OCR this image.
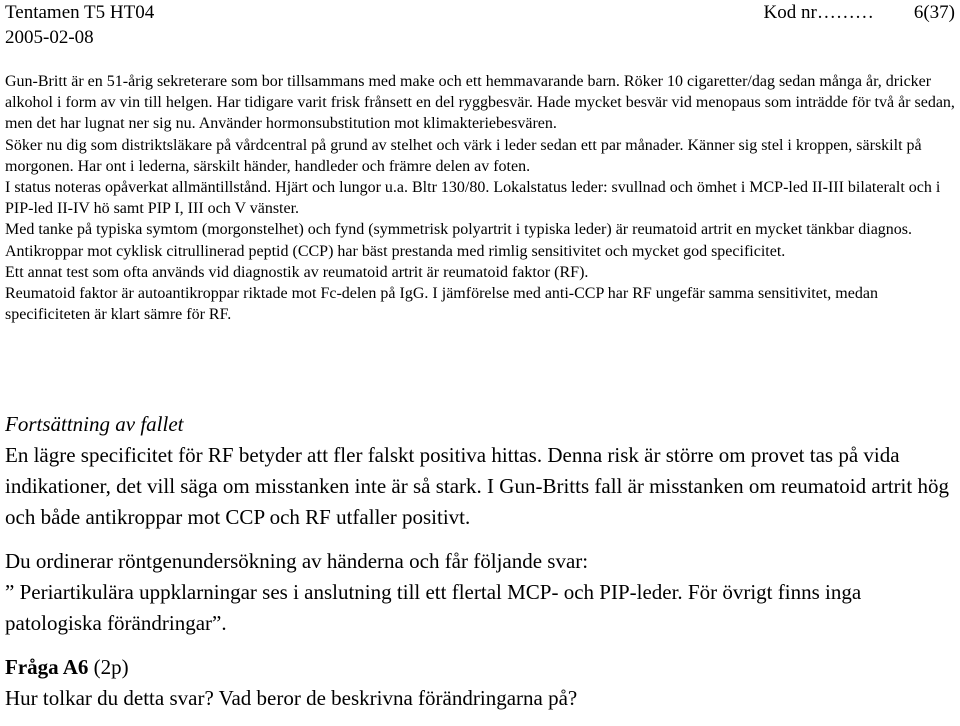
Tentamen T5 HT04	Kod nr……… 6(37)
2005-02-08

Gun-Britt är en 51-årig sekreterare som bor tillsammans med make och ett hemmavarande barn. Röker 10 cigaretter/dag sedan många år, dricker alkohol i form av vin till helgen. Har tidigare varit frisk frånsett en del ryggbesvär. Hade mycket besvär vid menopaus som inträdde för två år sedan, men det har lugnat ner sig nu. Använder hormonsubstitution mot klimakteriebesvären.

Söker nu dig som distriktsläkare på vårdcentral på grund av stelhet och värk i leder sedan ett par månader. Känner sig stel i kroppen, särskilt på morgonen. Har ont i lederna, särskilt händer, handleder och främre delen av foten.

I status noteras opåverkat allmäntillstånd. Hjärt och lungor u.a. Bltr 130/80. Lokalstatus leder: svullnad och ömhet i MCP-led II-III bilateralt och i PIP-led II-IV hö samt PIP I, III och V vänster.

Med tanke på typiska symtom (morgonstelhet) och fynd (symmetrisk polyartrit i typiska leder) är reumatoid artrit en mycket tänkbar diagnos.

Antikroppar mot cyklisk citrullinerad peptid (CCP) har bäst prestanda med rimlig sensitivitet och mycket god specificitet.

Ett annat test som ofta används vid diagnostik av reumatoid artrit är reumatoid faktor (RF).

Reumatoid faktor är autoantikroppar riktade mot Fc-delen på IgG. I jämförelse med anti-CCP har RF ungefär samma sensitivitet, medan specificiteten är klart sämre för RF.

Fortsättning av fallet

En lägre specificitet för RF betyder att fler falskt positiva hittas. Denna risk är större om provet tas på vida indikationer, det vill säga om misstanken inte är så stark. I Gun-Britts fall är misstanken om reumatoid artrit hög och både antikroppar mot CCP och RF utfaller positivt.

Du ordinerar röntgenundersökning av händerna och får följande svar:

” Periartikulära uppklarningar ses i anslutning till ett flertal MCP- och PIP-leder. För övrigt finns inga patologiska förändringar”.

Fråga A6 (2p)

Hur tolkar du detta svar? Vad beror de beskrivna förändringarna på?
